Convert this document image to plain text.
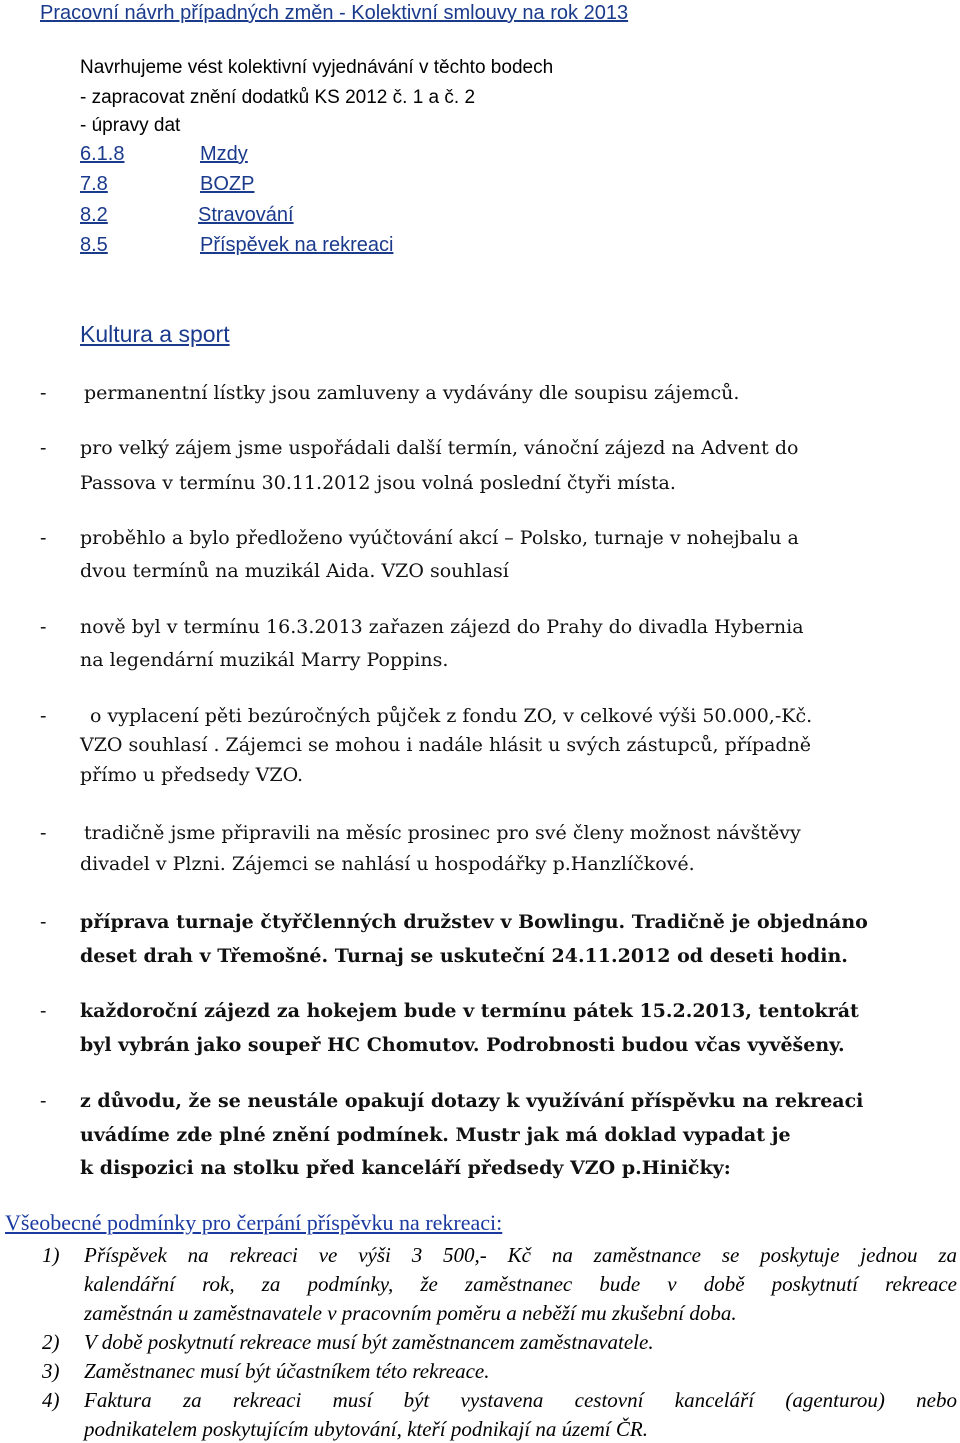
Pracovní návrh případných změn - Kolektivní smlouvy na rok 2013
Navrhujeme vést kolektivní vyjednávání v těchto bodech
- zapracovat znění dodatků KS 2012 č. 1 a č. 2
- úpravy dat
6.1.8	Mzdy
7.8	BOZP
8.2	Stravování
8.5	Příspěvek na rekreaci
Kultura a sport
- permanentní lístky jsou zamluveny a vydávány dle soupisu zájemců.
- pro velký zájem jsme uspořádali další termín, vánoční zájezd na Advent do
Passova v termínu 30.11.2012 jsou volná poslední čtyři místa.
- proběhlo a bylo předloženo vyúčtování akcí – Polsko, turnaje v nohejbalu a
dvou termínů na muzikál Aida. VZO souhlasí
- nově byl v termínu 16.3.2013 zařazen zájezd do Prahy do divadla Hybernia
na legendární muzikál Marry Poppins.
- o vyplacení pěti bezúročných půjček z fondu ZO, v celkové výši 50.000,-Kč.
VZO souhlasí . Zájemci se mohou i nadále hlásit u svých zástupců, případně
přímo u předsedy VZO.
- tradičně jsme připravili na měsíc prosinec pro své členy možnost návštěvy
divadel v Plzni. Zájemci se nahlásí u hospodářky p.Hanzlíčkové.
- příprava turnaje čtyřčlenných družstev v Bowlingu. Tradičně je objednáno
deset drah v Třemošné. Turnaj se uskuteční 24.11.2012 od deseti hodin.
- každoroční zájezd za hokejem bude v termínu pátek 15.2.2013, tentokrát
byl vybrán jako soupeř HC Chomutov. Podrobnosti budou včas vyvěšeny.
- z důvodu, že se neustále opakují dotazy k využívání příspěvku na rekreaci
uvádíme zde plné znění podmínek. Mustr jak má doklad vypadat je
k dispozici na stolku před kanceláří předsedy VZO p.Hiničky:
Všeobecné podmínky pro čerpání příspěvku na rekreaci:
1) Příspěvek na rekreaci ve výši 3 500,- Kč na zaměstnance se poskytuje jednou za
kalendářní rok, za podmínky, že zaměstnanec bude v době poskytnutí rekreace
zaměstnán u zaměstnavatele v pracovním poměru a neběží mu zkušební doba.
2) V době poskytnutí rekreace musí být zaměstnancem zaměstnavatele.
3) Zaměstnanec musí být účastníkem této rekreace.
4) Faktura za rekreaci musí být vystavena cestovní kanceláří (agenturou) nebo
podnikatelem poskytujícím ubytování, kteří podnikají na území ČR.
